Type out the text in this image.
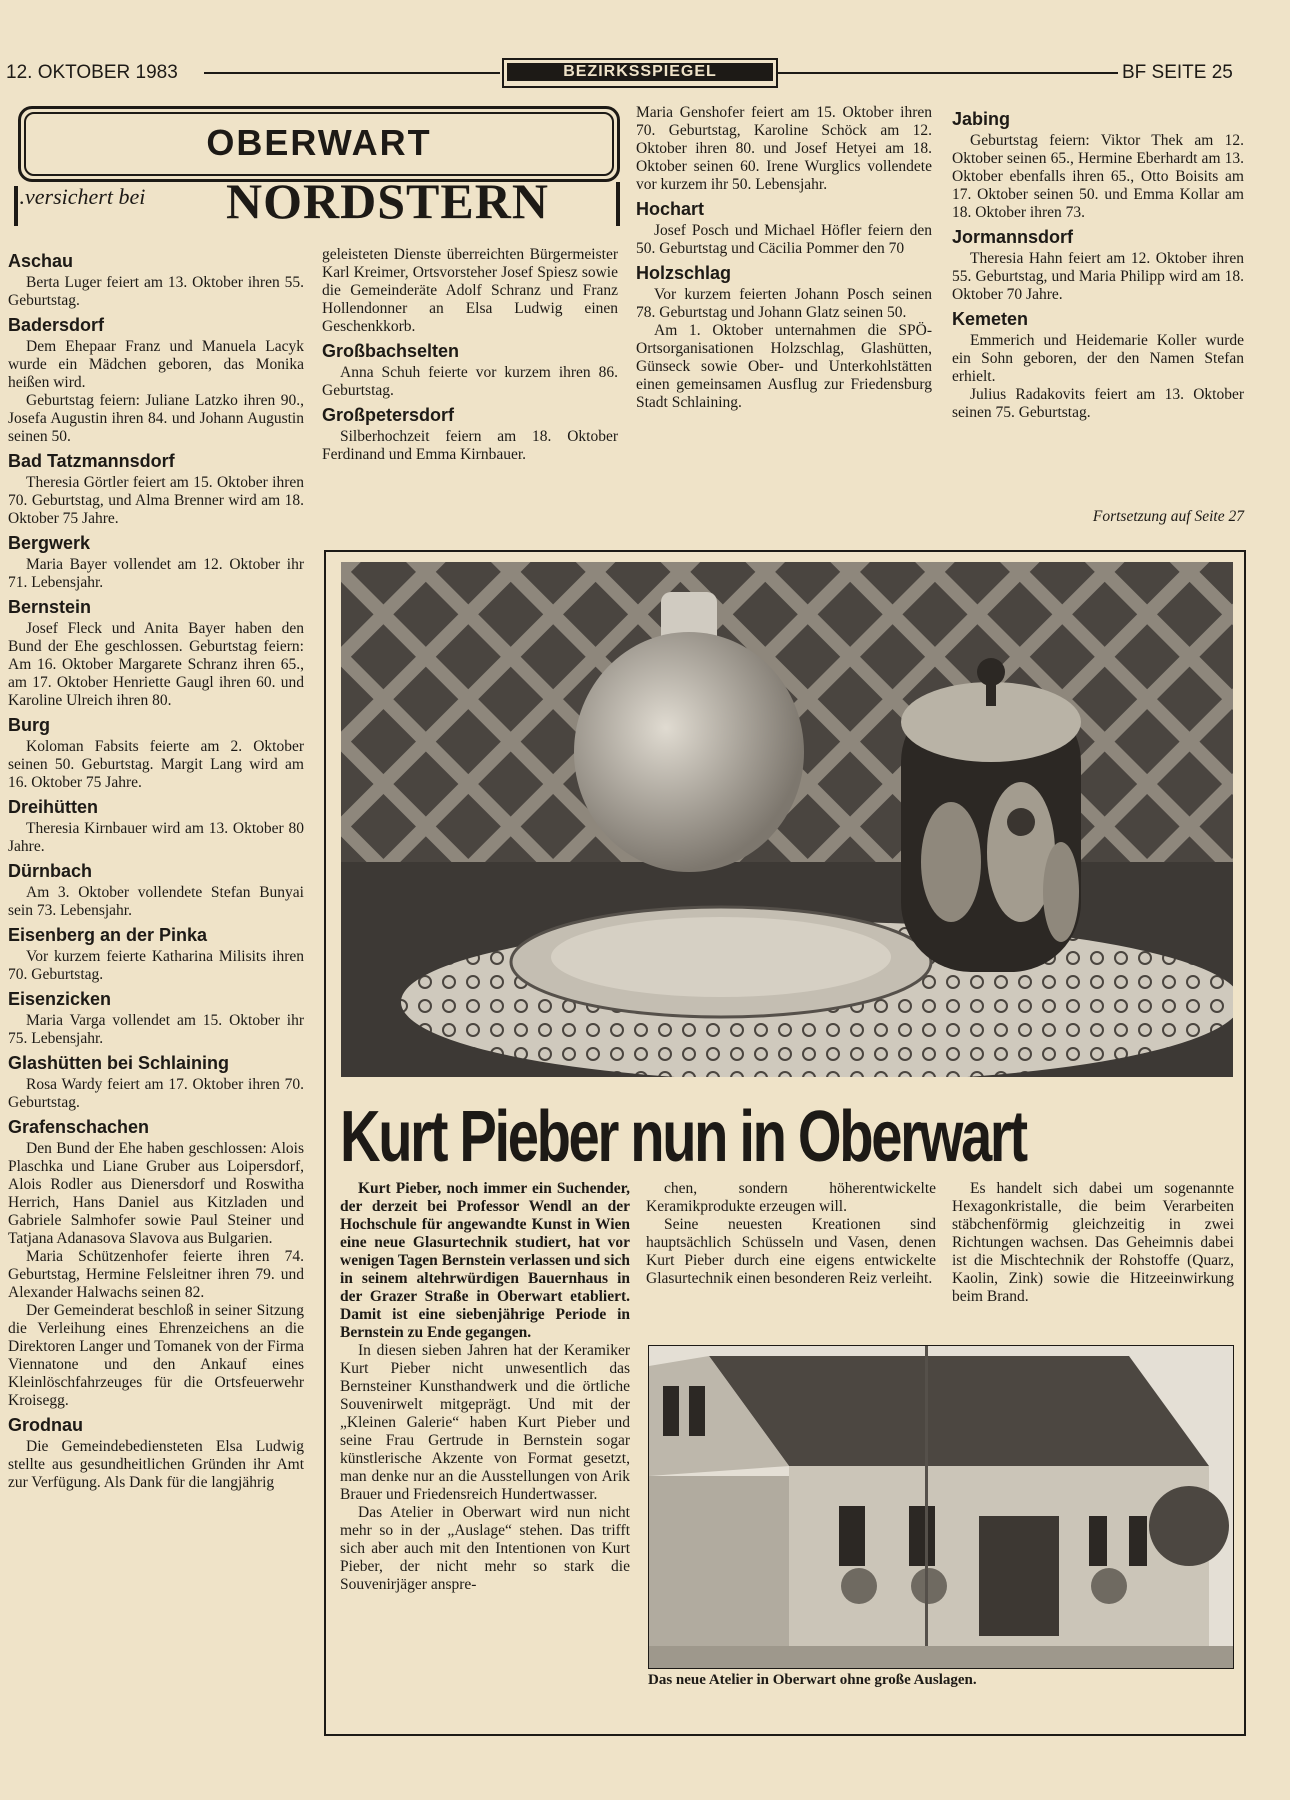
12. OKTOBER 1983	BEZIRKSSPIEGEL	BF SEITE 25
OBERWART
..versichert bei NORDSTERN
Aschau

Berta Luger feiert am 13. Oktober ihren 55. Geburtstag.

Badersdorf

Dem Ehepaar Franz und Manuela Lacyk wurde ein Mädchen geboren, das Monika heißen wird.

Geburtstag feiern: Juliane Latzko ihren 90., Josefa Augustin ihren 84. und Johann Augustin seinen 50.

Bad Tatzmannsdorf

Theresia Görtler feiert am 15. Oktober ihren 70. Geburtstag, und Alma Brenner wird am 18. Oktober 75 Jahre.

Bergwerk

Maria Bayer vollendet am 12. Oktober ihr 71. Lebensjahr.

Bernstein

Josef Fleck und Anita Bayer haben den Bund der Ehe geschlossen. Geburtstag feiern: Am 16. Oktober Margarete Schranz ihren 65., am 17. Oktober Henriette Gaugl ihren 60. und Karoline Ulreich ihren 80.

Burg

Koloman Fabsits feierte am 2. Oktober seinen 50. Geburtstag. Margit Lang wird am 16. Oktober 75 Jahre.

Dreihütten

Theresia Kirnbauer wird am 13. Oktober 80 Jahre.

Dürnbach

Am 3. Oktober vollendete Stefan Bunyai sein 73. Lebensjahr.

Eisenberg an der Pinka

Vor kurzem feierte Katharina Milisits ihren 70. Geburtstag.

Eisenzicken

Maria Varga vollendet am 15. Oktober ihr 75. Lebensjahr.

Glashütten bei Schlaining

Rosa Wardy feiert am 17. Oktober ihren 70. Geburtstag.

Grafenschachen

Den Bund der Ehe haben geschlossen: Alois Plaschka und Liane Gruber aus Loipersdorf, Alois Rodler aus Dienersdorf und Roswitha Herrich, Hans Daniel aus Kitzladen und Gabriele Salmhofer sowie Paul Steiner und Tatjana Adanasova Slavova aus Bulgarien.

Maria Schützenhofer feierte ihren 74. Geburtstag, Hermine Felsleitner ihren 79. und Alexander Halwachs seinen 82.

Der Gemeinderat beschloß in seiner Sitzung die Verleihung eines Ehrenzeichens an die Direktoren Langer und Tomanek von der Firma Viennatone und den Ankauf eines Kleinlöschfahrzeuges für die Ortsfeuerwehr Kroisegg.

Grodnau

Die Gemeindebediensteten Elsa Ludwig stellte aus gesundheitlichen Gründen ihr Amt zur Verfügung. Als Dank für die langjährig

geleisteten Dienste überreichten Bürgermeister Karl Kreimer, Ortsvorsteher Josef Spiesz sowie die Gemeinderäte Adolf Schranz und Franz Hollendonner an Elsa Ludwig einen Geschenkkorb.

Großbachselten

Anna Schuh feierte vor kurzem ihren 86. Geburtstag.

Großpetersdorf

Silberhochzeit feiern am 18. Oktober Ferdinand und Emma Kirnbauer.

Maria Genshofer feiert am 15. Oktober ihren 70. Geburtstag, Karoline Schöck am 12. Oktober ihren 80. und Josef Hetyei am 18. Oktober seinen 60. Irene Wurglics vollendete vor kurzem ihr 50. Lebensjahr.

Hochart

Josef Posch und Michael Höfler feiern den 50. Geburtstag und Cäcilia Pommer den 70

Holzschlag

Vor kurzem feierten Johann Posch seinen 78. Geburtstag und Johann Glatz seinen 50.

Am 1. Oktober unternahmen die SPÖ-Ortsorganisationen Holzschlag, Glashütten, Günseck sowie Ober- und Unterkohlstätten einen gemeinsamen Ausflug zur Friedensburg Stadt Schlaining.

Jabing

Geburtstag feiern: Viktor Thek am 12. Oktober seinen 65., Hermine Eberhardt am 13. Oktober ebenfalls ihren 65., Otto Boisits am 17. Oktober seinen 50. und Emma Kollar am 18. Oktober ihren 73.

Jormannsdorf

Theresia Hahn feiert am 12. Oktober ihren 55. Geburtstag, und Maria Philipp wird am 18. Oktober 70 Jahre.

Kemeten

Emmerich und Heidemarie Koller wurde ein Sohn geboren, der den Namen Stefan erhielt.

Julius Radakovits feiert am 13. Oktober seinen 75. Geburtstag.

Fortsetzung auf Seite 27
Kurt Pieber nun in Oberwart

Kurt Pieber, noch immer ein Suchender, der derzeit bei Professor Wendl an der Hochschule für angewandte Kunst in Wien eine neue Glasurtechnik studiert, hat vor wenigen Tagen Bernstein verlassen und sich in seinem altehrwürdigen Bauernhaus in der Grazer Straße in Oberwart etabliert. Damit ist eine siebenjährige Periode in Bernstein zu Ende gegangen.

In diesen sieben Jahren hat der Keramiker Kurt Pieber nicht unwesentlich das Bernsteiner Kunsthandwerk und die örtliche Souvenirwelt mitgeprägt. Und mit der „Kleinen Galerie“ haben Kurt Pieber und seine Frau Gertrude in Bernstein sogar künstlerische Akzente von Format gesetzt, man denke nur an die Ausstellungen von Arik Brauer und Friedensreich Hundertwasser.

Das Atelier in Oberwart wird nun nicht mehr so in der „Auslage“ stehen. Das trifft sich aber auch mit den Intentionen von Kurt Pieber, der nicht mehr so stark die Souvenirjäger anspre-

chen, sondern höherentwickelte Keramikprodukte erzeugen will.

Seine neuesten Kreationen sind hauptsächlich Schüsseln und Vasen, denen Kurt Pieber durch eine eigens entwickelte Glasurtechnik einen besonderen Reiz verleiht.

Es handelt sich dabei um sogenannte Hexagonkristalle, die beim Verarbeiten stäbchenförmig gleichzeitig in zwei Richtungen wachsen. Das Geheimnis dabei ist die Mischtechnik der Rohstoffe (Quarz, Kaolin, Zink) sowie die Hitzeeinwirkung beim Brand.

Das neue Atelier in Oberwart ohne große Auslagen.
